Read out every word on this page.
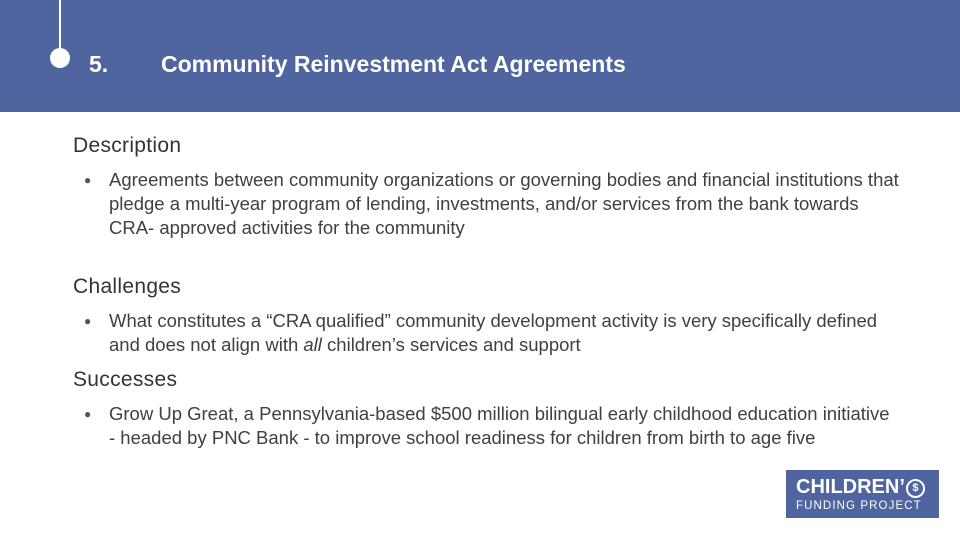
5. Community Reinvestment Act Agreements
Description
● Agreements between community organizations or governing bodies and financial institutions that pledge a multi-year program of lending, investments, and/or services from the bank towards CRA- approved activities for the community
Challenges
● What constitutes a “CRA qualified” community development activity is very specifically defined and does not align with all children’s services and support
Successes
● Grow Up Great, a Pennsylvania-based $500 million bilingual early childhood education initiative - headed by PNC Bank - to improve school readiness for children from birth to age five
CHILDREN’ $
FUNDING PROJECT
